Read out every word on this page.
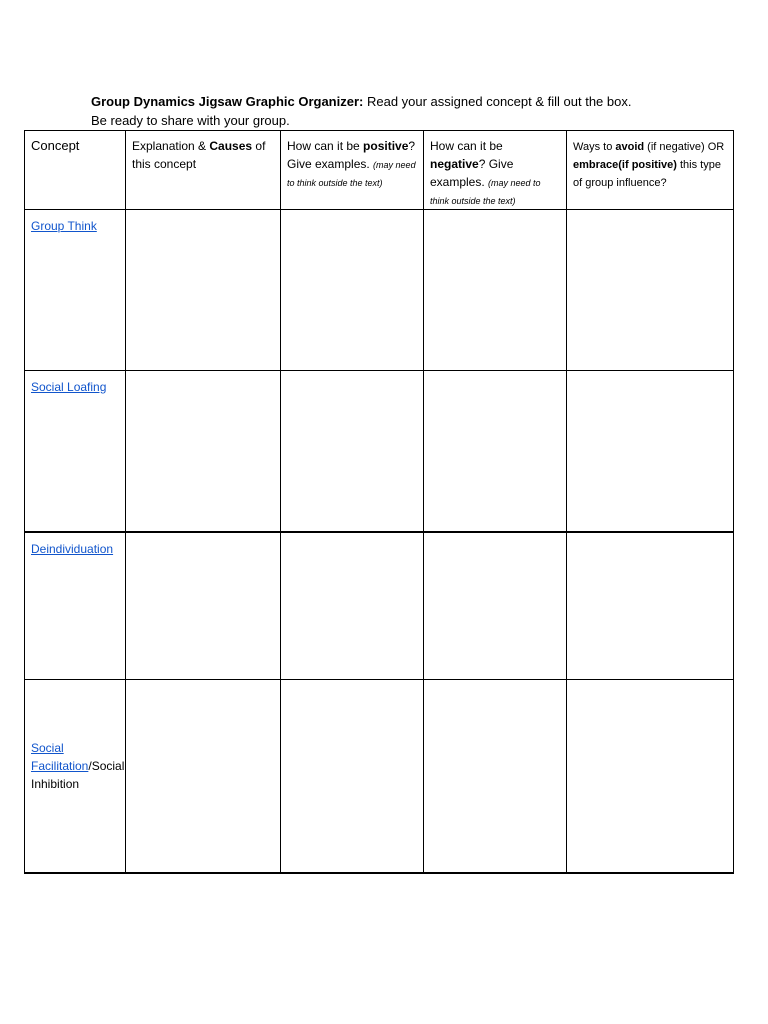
Group Dynamics Jigsaw Graphic Organizer: Read your assigned concept & fill out the box.
Be ready to share with your group.
Concept	Explanation & Causes of this concept	How can it be positive? Give examples. (may need to think outside the text)	How can it be negative? Give examples. (may need to think outside the text)	Ways to avoid (if negative) OR embrace(if positive) this type of group influence?
Group Think				
Social Loafing				
Deindividuation				

Social Facilitation/Social Inhibition				
